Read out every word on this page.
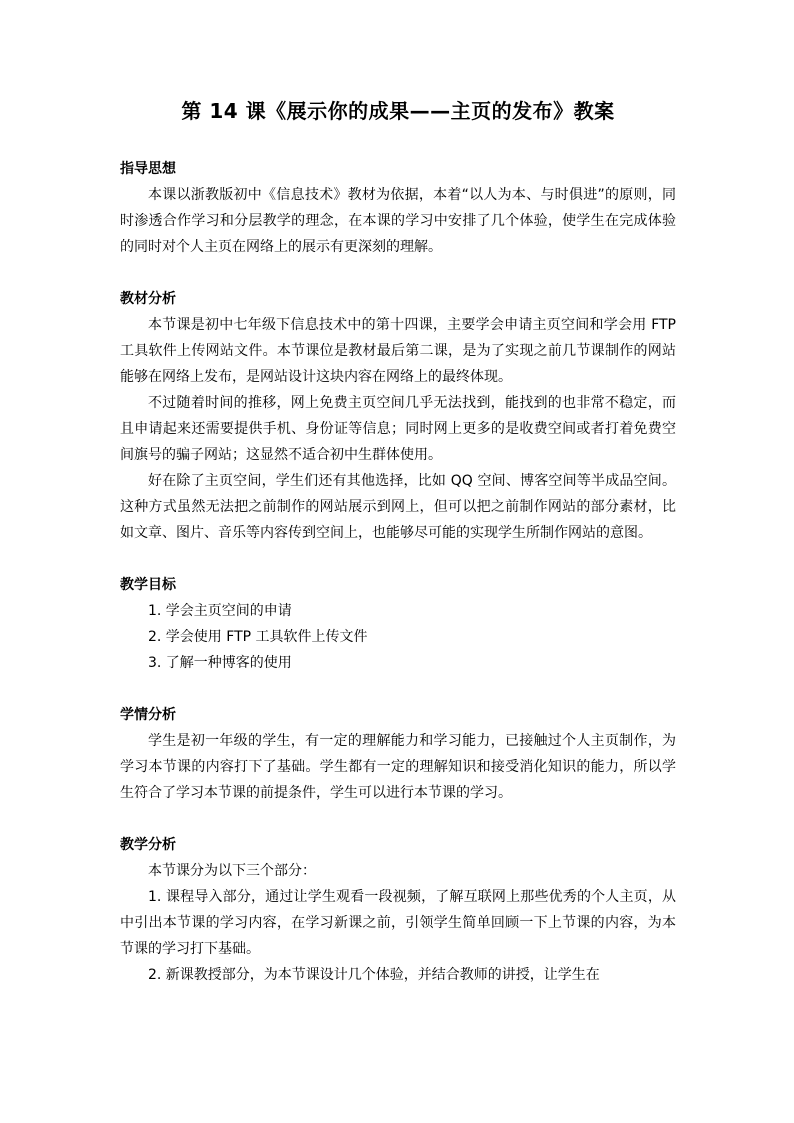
第 14 课《展示你的成果——主页的发布》教案
指导思想

本课以浙教版初中《信息技术》教材为依据，本着“以人为本、与时俱进”的原则，同时渗透合作学习和分层教学的理念，在本课的学习中安排了几个体验，使学生在完成体验的同时对个人主页在网络上的展示有更深刻的理解。

教材分析

本节课是初中七年级下信息技术中的第十四课，主要学会申请主页空间和学会用 FTP 工具软件上传网站文件。本节课位是教材最后第二课，是为了实现之前几节课制作的网站能够在网络上发布，是网站设计这块内容在网络上的最终体现。

不过随着时间的推移，网上免费主页空间几乎无法找到，能找到的也非常不稳定，而且申请起来还需要提供手机、身份证等信息；同时网上更多的是收费空间或者打着免费空间旗号的骗子网站；这显然不适合初中生群体使用。

好在除了主页空间，学生们还有其他选择，比如 QQ 空间、博客空间等半成品空间。这种方式虽然无法把之前制作的网站展示到网上，但可以把之前制作网站的部分素材，比如文章、图片、音乐等内容传到空间上，也能够尽可能的实现学生所制作网站的意图。

教学目标
1. 学会主页空间的申请
2. 学会使用 FTP 工具软件上传文件
3. 了解一种博客的使用
学情分析

学生是初一年级的学生，有一定的理解能力和学习能力，已接触过个人主页制作，为学习本节课的内容打下了基础。学生都有一定的理解知识和接受消化知识的能力，所以学生符合了学习本节课的前提条件，学生可以进行本节课的学习。

教学分析

本节课分为以下三个部分：

1. 课程导入部分，通过让学生观看一段视频，了解互联网上那些优秀的个人主页，从中引出本节课的学习内容，在学习新课之前，引领学生简单回顾一下上节课的内容，为本节课的学习打下基础。

2. 新课教授部分，为本节课设计几个体验，并结合教师的讲授，让学生在
